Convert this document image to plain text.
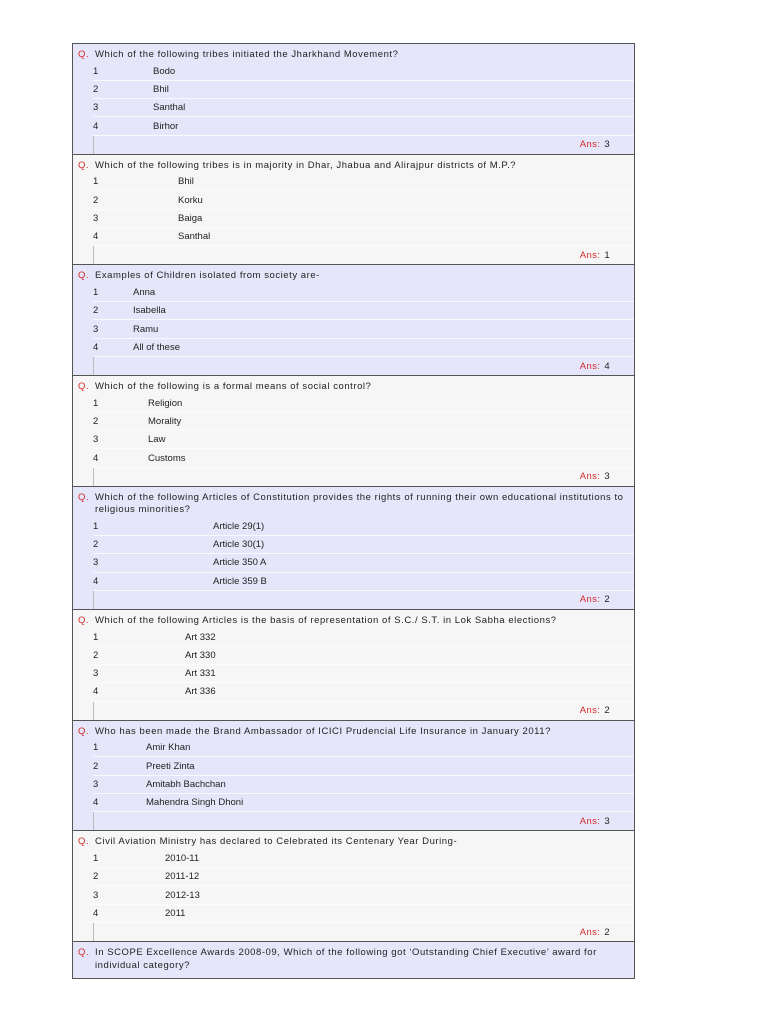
Q. Which of the following tribes initiated the Jharkhand Movement?
1	Bodo
2	Bhil
3	Santhal
4	Birhor
Ans: 3
Q. Which of the following tribes is in majority in Dhar, Jhabua and Alirajpur districts of M.P.?
1	Bhil
2	Korku
3	Baiga
4	Santhal
Ans: 1
Q. Examples of Children isolated from society are-
1	Anna
2	Isabella
3	Ramu
4	All of these
Ans: 4
Q. Which of the following is a formal means of social control?
1	Religion
2	Morality
3	Law
4	Customs
Ans: 3
Q. Which of the following Articles of Constitution provides the rights of running their own educational institutions to religious minorities?
1	Article 29(1)
2	Article 30(1)
3	Article 350 A
4	Article 359 B
Ans: 2
Q. Which of the following Articles is the basis of representation of S.C./ S.T. in Lok Sabha elections?
1	Art 332
2	Art 330
3	Art 331
4	Art 336
Ans: 2
Q. Who has been made the Brand Ambassador of ICICI Prudencial Life Insurance in January 2011?
1	Amir Khan
2	Preeti Zinta
3	Amitabh Bachchan
4	Mahendra Singh Dhoni
Ans: 3
Q. Civil Aviation Ministry has declared to Celebrated its Centenary Year During-
1	2010-11
2	2011-12
3	2012-13
4	2011
Ans: 2
Q. In SCOPE Excellence Awards 2008-09, Which of the following got ‘Outstanding Chief Executive’ award for individual category?
